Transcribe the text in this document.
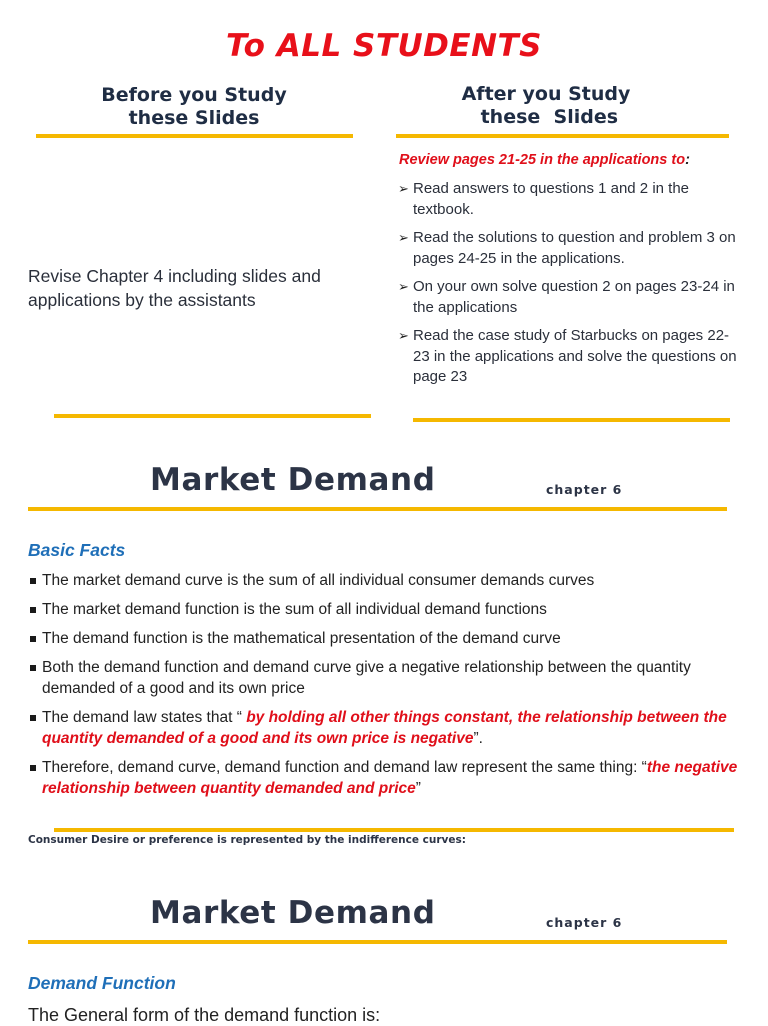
To ALL STUDENTS
Before you Study
these Slides
After you Study
these  Slides
Revise Chapter 4 including slides and applications by the assistants
Review pages 21-25 in the applications to:
➢ Read answers to questions 1 and 2 in the textbook.
➢ Read the solutions to question and problem 3 on pages 24-25 in the applications.
➢ On your own solve question 2 on pages 23-24 in the applications
➢ Read the case study of Starbucks on pages 22-23 in the applications and solve the questions on page 23
Market Demand	chapter 6
Basic Facts
The market demand curve is the sum of all individual consumer demands curves
The market demand function is the sum of all individual demand functions
The demand function is the mathematical presentation of the demand curve
Both the demand function and demand curve give a negative relationship between the quantity demanded of a good and its own price
The demand law states that “ by holding all other things constant, the relationship between the quantity demanded of a good and its own price is negative”.
Therefore, demand curve, demand function and demand law represent the same thing: “the negative relationship between quantity demanded and price”
Consumer Desire or preference is represented by the indifference curves:
Market Demand	chapter 6
Demand Function
The General form of the demand function is:
